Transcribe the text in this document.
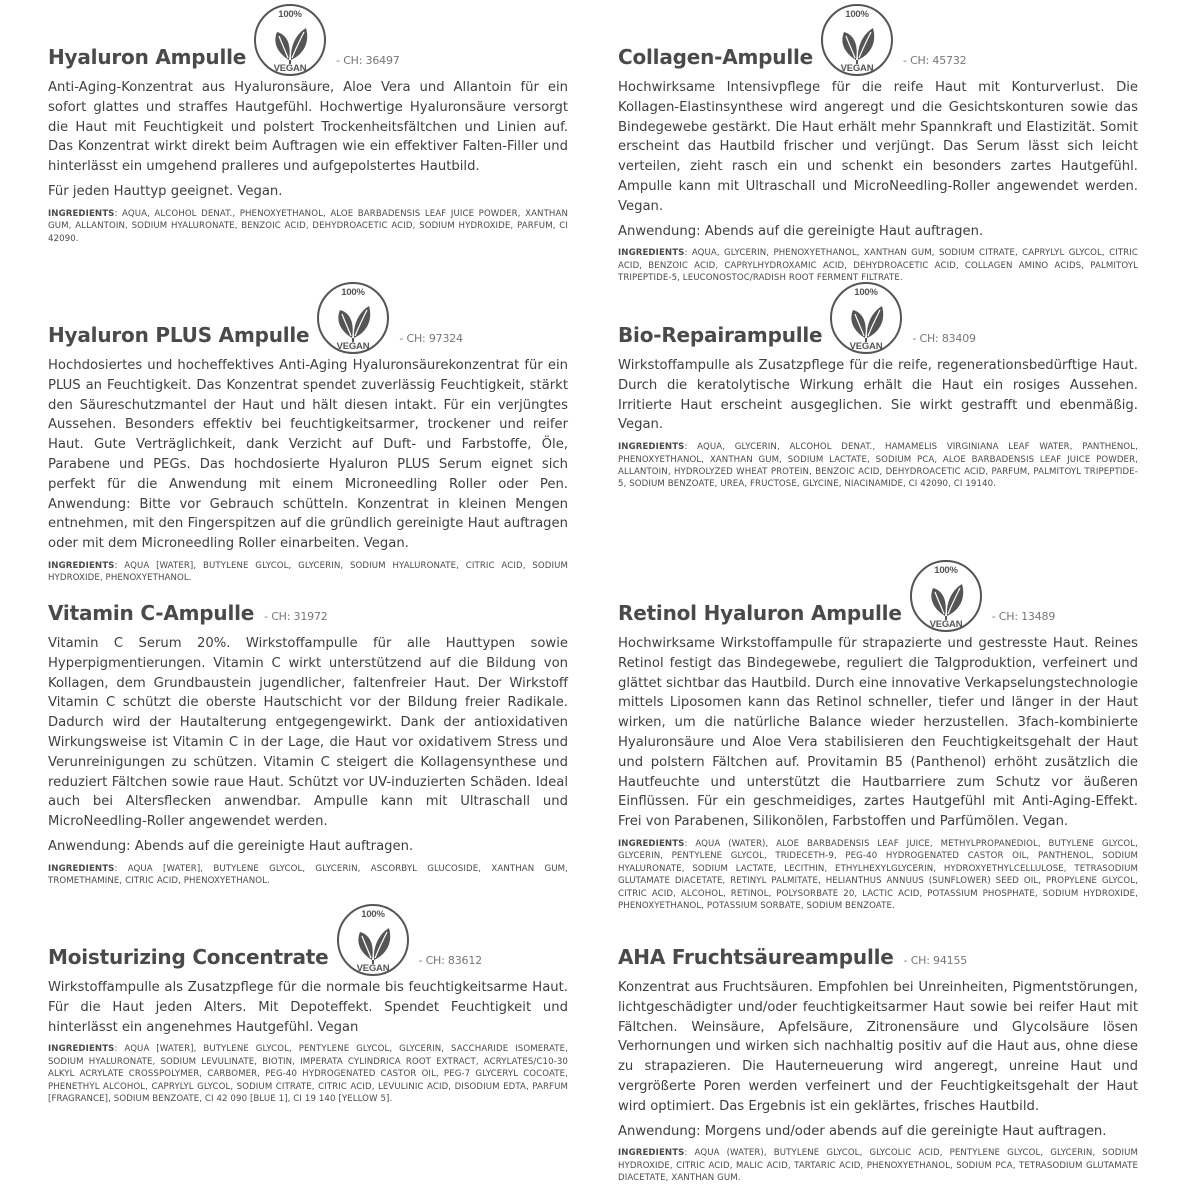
Hyaluron Ampulle
100%
VEGAN
- CH: 36497

Anti-Aging-Konzentrat aus Hyaluronsäure, Aloe Vera und Allantoin für ein sofort glattes und straffes Hautgefühl. Hochwertige Hyaluronsäure versorgt die Haut mit Feuchtigkeit und polstert Trockenheitsfältchen und Linien auf. Das Konzentrat wirkt direkt beim Auftragen wie ein effektiver Falten-Filler und hinterlässt ein umgehend pralleres und aufgepolstertes Hautbild.

Für jeden Hauttyp geeignet. Vegan.

INGREDIENTS: AQUA, ALCOHOL DENAT., PHENOXYETHANOL, ALOE BARBADENSIS LEAF JUICE POWDER, XANTHAN GUM, ALLANTOIN, SODIUM HYALURONATE, BENZOIC ACID, DEHYDROACETIC ACID, SODIUM HYDROXIDE, PARFUM, CI 42090.

Collagen-Ampulle
100%
VEGAN
- CH: 45732

Hochwirksame Intensivpflege für die reife Haut mit Konturverlust. Die Kollagen-Elastinsynthese wird angeregt und die Gesichtskonturen sowie das Bindegewebe gestärkt. Die Haut erhält mehr Spannkraft und Elastizität. Somit erscheint das Hautbild frischer und verjüngt. Das Serum lässt sich leicht verteilen, zieht rasch ein und schenkt ein besonders zartes Hautgefühl. Ampulle kann mit Ultraschall und MicroNeedling-Roller angewendet werden. Vegan.

Anwendung: Abends auf die gereinigte Haut auftragen.

INGREDIENTS: AQUA, GLYCERIN, PHENOXYETHANOL, XANTHAN GUM, SODIUM CITRATE, CAPRYLYL GLYCOL, CITRIC ACID, BENZOIC ACID, CAPRYLHYDROXAMIC ACID, DEHYDROACETIC ACID, COLLAGEN AMINO ACIDS, PALMITOYL TRIPEPTIDE-5, LEUCONOSTOC/RADISH ROOT FERMENT FILTRATE.

Hyaluron PLUS Ampulle
100%
VEGAN
- CH: 97324

Hochdosiertes und hocheffektives Anti-Aging Hyaluronsäurekonzentrat für ein PLUS an Feuchtigkeit. Das Konzentrat spendet zuverlässig Feuchtigkeit, stärkt den Säureschutzmantel der Haut und hält diesen intakt. Für ein verjüngtes Aussehen. Besonders effektiv bei feuchtigkeitsarmer, trockener und reifer Haut. Gute Verträglichkeit, dank Verzicht auf Duft- und Farbstoffe, Öle, Parabene und PEGs. Das hochdosierte Hyaluron PLUS Serum eignet sich perfekt für die Anwendung mit einem Microneedling Roller oder Pen. Anwendung: Bitte vor Gebrauch schütteln. Konzentrat in kleinen Mengen entnehmen, mit den Fingerspitzen auf die gründlich gereinigte Haut auftragen oder mit dem Microneedling Roller einarbeiten. Vegan.

INGREDIENTS: AQUA [WATER], BUTYLENE GLYCOL, GLYCERIN, SODIUM HYALURONATE, CITRIC ACID, SODIUM HYDROXIDE, PHENOXYETHANOL.

Bio-Repairampulle
100%
VEGAN
- CH: 83409

Wirkstoffampulle als Zusatzpflege für die reife, regenerationsbedürftige Haut. Durch die keratolytische Wirkung erhält die Haut ein rosiges Aussehen. Irritierte Haut erscheint ausgeglichen. Sie wirkt gestrafft und ebenmäßig. Vegan.

INGREDIENTS: AQUA, GLYCERIN, ALCOHOL DENAT., HAMAMELIS VIRGINIANA LEAF WATER, PANTHENOL, PHENOXYETHANOL, XANTHAN GUM, SODIUM LACTATE, SODIUM PCA, ALOE BARBADENSIS LEAF JUICE POWDER, ALLANTOIN, HYDROLYZED WHEAT PROTEIN, BENZOIC ACID, DEHYDROACETIC ACID, PARFUM, PALMITOYL TRIPEPTIDE-5, SODIUM BENZOATE, UREA, FRUCTOSE, GLYCINE, NIACINAMIDE, CI 42090, CI 19140.

Vitamin C-Ampulle - CH: 31972

Vitamin C Serum 20%. Wirkstoffampulle für alle Hauttypen sowie Hyperpigmentierungen. Vitamin C wirkt unterstützend auf die Bildung von Kollagen, dem Grundbaustein jugendlicher, faltenfreier Haut. Der Wirkstoff Vitamin C schützt die oberste Hautschicht vor der Bildung freier Radikale. Dadurch wird der Hautalterung entgegengewirkt. Dank der antioxidativen Wirkungsweise ist Vitamin C in der Lage, die Haut vor oxidativem Stress und Verunreinigungen zu schützen. Vitamin C steigert die Kollagensynthese und reduziert Fältchen sowie raue Haut. Schützt vor UV-induzierten Schäden. Ideal auch bei Altersflecken anwendbar. Ampulle kann mit Ultraschall und MicroNeedling-Roller angewendet werden.

Anwendung: Abends auf die gereinigte Haut auftragen.

INGREDIENTS: AQUA [WATER], BUTYLENE GLYCOL, GLYCERIN, ASCORBYL GLUCOSIDE, XANTHAN GUM, TROMETHAMINE, CITRIC ACID, PHENOXYETHANOL.

Retinol Hyaluron Ampulle
100%
VEGAN
- CH: 13489

Hochwirksame Wirkstoffampulle für strapazierte und gestresste Haut. Reines Retinol festigt das Bindegewebe, reguliert die Talgproduktion, verfeinert und glättet sichtbar das Hautbild. Durch eine innovative Verkapselungstechnologie mittels Liposomen kann das Retinol schneller, tiefer und länger in der Haut wirken, um die natürliche Balance wieder herzustellen. 3fach-kombinierte Hyaluronsäure und Aloe Vera stabilisieren den Feuchtigkeitsgehalt der Haut und polstern Fältchen auf. Provitamin B5 (Panthenol) erhöht zusätzlich die Hautfeuchte und unterstützt die Hautbarriere zum Schutz vor äußeren Einflüssen. Für ein geschmeidiges, zartes Hautgefühl mit Anti-Aging-Effekt. Frei von Parabenen, Silikonölen, Farbstoffen und Parfümölen. Vegan.

INGREDIENTS: AQUA (WATER), ALOE BARBADENSIS LEAF JUICE, METHYLPROPANEDIOL, BUTYLENE GLYCOL, GLYCERIN, PENTYLENE GLYCOL, TRIDECETH-9, PEG-40 HYDROGENATED CASTOR OIL, PANTHENOL, SODIUM HYALURONATE, SODIUM LACTATE, LECITHIN, ETHYLHEXYLGLYCERIN, HYDROXYETHYLCELLULOSE, TETRASODIUM GLUTAMATE DIACETATE, RETINYL PALMITATE, HELIANTHUS ANNUUS (SUNFLOWER) SEED OIL, PROPYLENE GLYCOL, CITRIC ACID, ALCOHOL, RETINOL, POLYSORBATE 20, LACTIC ACID, POTASSIUM PHOSPHATE, SODIUM HYDROXIDE, PHENOXYETHANOL, POTASSIUM SORBATE, SODIUM BENZOATE.

Moisturizing Concentrate
100%
VEGAN
- CH: 83612

Wirkstoffampulle als Zusatzpflege für die normale bis feuchtigkeitsarme Haut. Für die Haut jeden Alters. Mit Depoteffekt. Spendet Feuchtigkeit und hinterlässt ein angenehmes Hautgefühl. Vegan

INGREDIENTS: AQUA [WATER], BUTYLENE GLYCOL, PENTYLENE GLYCOL, GLYCERIN, SACCHARIDE ISOMERATE, SODIUM HYALURONATE, SODIUM LEVULINATE, BIOTIN, IMPERATA CYLINDRICA ROOT EXTRACT, ACRYLATES/C10-30 ALKYL ACRYLATE CROSSPOLYMER, CARBOMER, PEG-40 HYDROGENATED CASTOR OIL, PEG-7 GLYCERYL COCOATE, PHENETHYL ALCOHOL, CAPRYLYL GLYCOL, SODIUM CITRATE, CITRIC ACID, LEVULINIC ACID, DISODIUM EDTA, PARFUM [FRAGRANCE], SODIUM BENZOATE, CI 42 090 [BLUE 1], CI 19 140 [YELLOW 5].

AHA Fruchtsäureampulle - CH: 94155

Konzentrat aus Fruchtsäuren. Empfohlen bei Unreinheiten, Pigmentstörungen, lichtgeschädigter und/oder feuchtigkeitsarmer Haut sowie bei reifer Haut mit Fältchen. Weinsäure, Apfelsäure, Zitronensäure und Glycolsäure lösen Verhornungen und wirken sich nachhaltig positiv auf die Haut aus, ohne diese zu strapazieren. Die Hauterneuerung wird angeregt, unreine Haut und vergrößerte Poren werden verfeinert und der Feuchtigkeitsgehalt der Haut wird optimiert. Das Ergebnis ist ein geklärtes, frisches Hautbild.

Anwendung: Morgens und/oder abends auf die gereinigte Haut auftragen.

INGREDIENTS: AQUA (WATER), BUTYLENE GLYCOL, GLYCOLIC ACID, PENTYLENE GLYCOL, GLYCERIN, SODIUM HYDROXIDE, CITRIC ACID, MALIC ACID, TARTARIC ACID, PHENOXYETHANOL, SODIUM PCA, TETRASODIUM GLUTAMATE DIACETATE, XANTHAN GUM.
